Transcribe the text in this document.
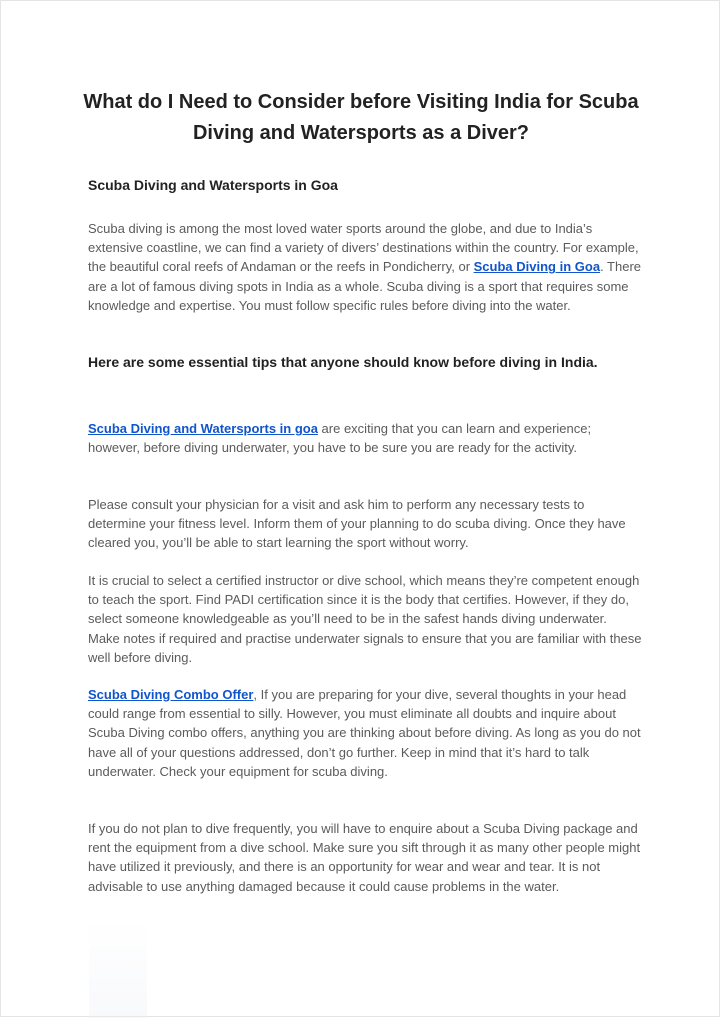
What do I Need to Consider before Visiting India for Scuba Diving and Watersports as a Diver?
Scuba Diving and Watersports in Goa

Scuba diving is among the most loved water sports around the globe, and due to India’s extensive coastline, we can find a variety of divers’ destinations within the country. For example, the beautiful coral reefs of Andaman or the reefs in Pondicherry, or Scuba Diving in Goa. There are a lot of famous diving spots in India as a whole. Scuba diving is a sport that requires some knowledge and expertise. You must follow specific rules before diving into the water.

Here are some essential tips that anyone should know before diving in India.

Scuba Diving and Watersports in goa are exciting that you can learn and experience; however, before diving underwater, you have to be sure you are ready for the activity.

Please consult your physician for a visit and ask him to perform any necessary tests to determine your fitness level. Inform them of your planning to do scuba diving. Once they have cleared you, you’ll be able to start learning the sport without worry.

It is crucial to select a certified instructor or dive school, which means they’re competent enough to teach the sport. Find PADI certification since it is the body that certifies. However, if they do, select someone knowledgeable as you’ll need to be in the safest hands diving underwater. Make notes if required and practise underwater signals to ensure that you are familiar with these well before diving.

Scuba Diving Combo Offer, If you are preparing for your dive, several thoughts in your head could range from essential to silly. However, you must eliminate all doubts and inquire about Scuba Diving combo offers, anything you are thinking about before diving. As long as you do not have all of your questions addressed, don’t go further. Keep in mind that it’s hard to talk underwater. Check your equipment for scuba diving.

If you do not plan to dive frequently, you will have to enquire about a Scuba Diving package and rent the equipment from a dive school. Make sure you sift through it as many other people might have utilized it previously, and there is an opportunity for wear and wear and tear. It is not advisable to use anything damaged because it could cause problems in the water.
